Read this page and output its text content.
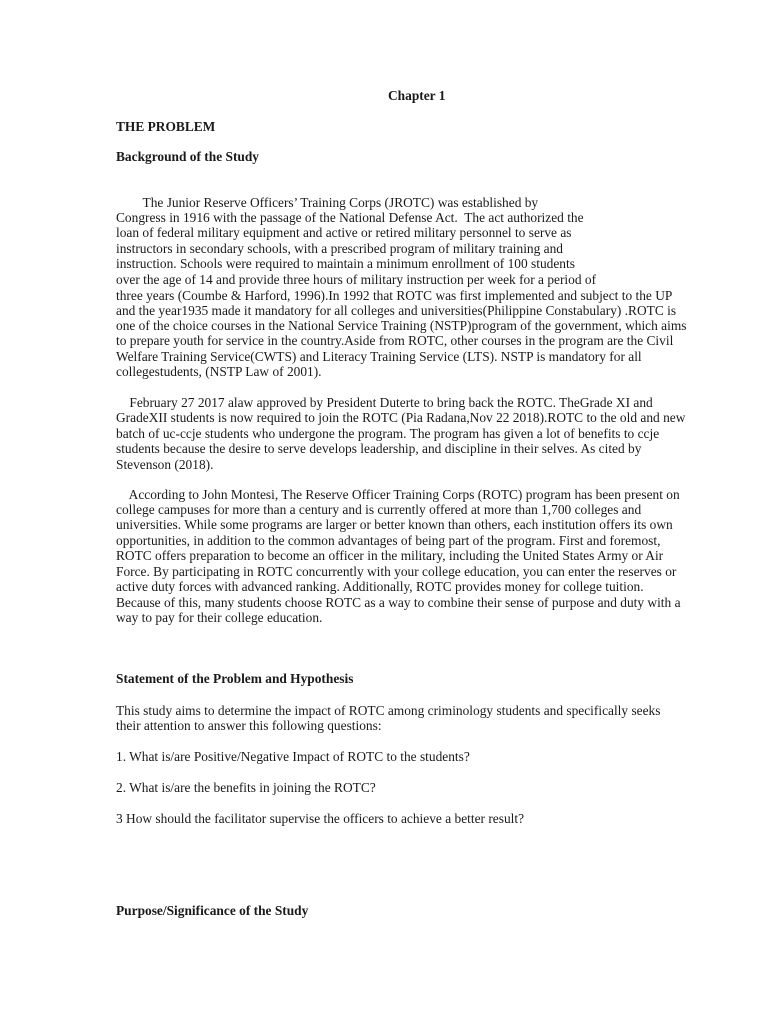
Chapter 1
THE PROBLEM
Background of the Study
The Junior Reserve Officers’ Training Corps (JROTC) was established by
Congress in 1916 with the passage of the National Defense Act.  The act authorized the
loan of federal military equipment and active or retired military personnel to serve as
instructors in secondary schools, with a prescribed program of military training and
instruction. Schools were required to maintain a minimum enrollment of 100 students
over the age of 14 and provide three hours of military instruction per week for a period of
three years (Coumbe & Harford, 1996).In 1992 that ROTC was first implemented and subject to the UP
and the year1935 made it mandatory for all colleges and universities(Philippine Constabulary) .ROTC is
one of the choice courses in the National Service Training (NSTP)program of the government, which aims
to prepare youth for service in the country.Aside from ROTC, other courses in the program are the Civil
Welfare Training Service(CWTS) and Literacy Training Service (LTS). NSTP is mandatory for all
collegestudents, (NSTP Law of 2001).
February 27 2017 alaw approved by President Duterte to bring back the ROTC. TheGrade XI and
GradeXII students is now required to join the ROTC (Pia Radana,Nov 22 2018).ROTC to the old and new
batch of uc-ccje students who undergone the program. The program has given a lot of benefits to ccje
students because the desire to serve develops leadership, and discipline in their selves. As cited by
Stevenson (2018).
According to John Montesi, The Reserve Officer Training Corps (ROTC) program has been present on
college campuses for more than a century and is currently offered at more than 1,700 colleges and
universities. While some programs are larger or better known than others, each institution offers its own
opportunities, in addition to the common advantages of being part of the program. First and foremost,
ROTC offers preparation to become an officer in the military, including the United States Army or Air
Force. By participating in ROTC concurrently with your college education, you can enter the reserves or
active duty forces with advanced ranking. Additionally, ROTC provides money for college tuition.
Because of this, many students choose ROTC as a way to combine their sense of purpose and duty with a
way to pay for their college education.
Statement of the Problem and Hypothesis
This study aims to determine the impact of ROTC among criminology students and specifically seeks
their attention to answer this following questions:
1. What is/are Positive/Negative Impact of ROTC to the students?
2. What is/are the benefits in joining the ROTC?
3 How should the facilitator supervise the officers to achieve a better result?
Purpose/Significance of the Study
